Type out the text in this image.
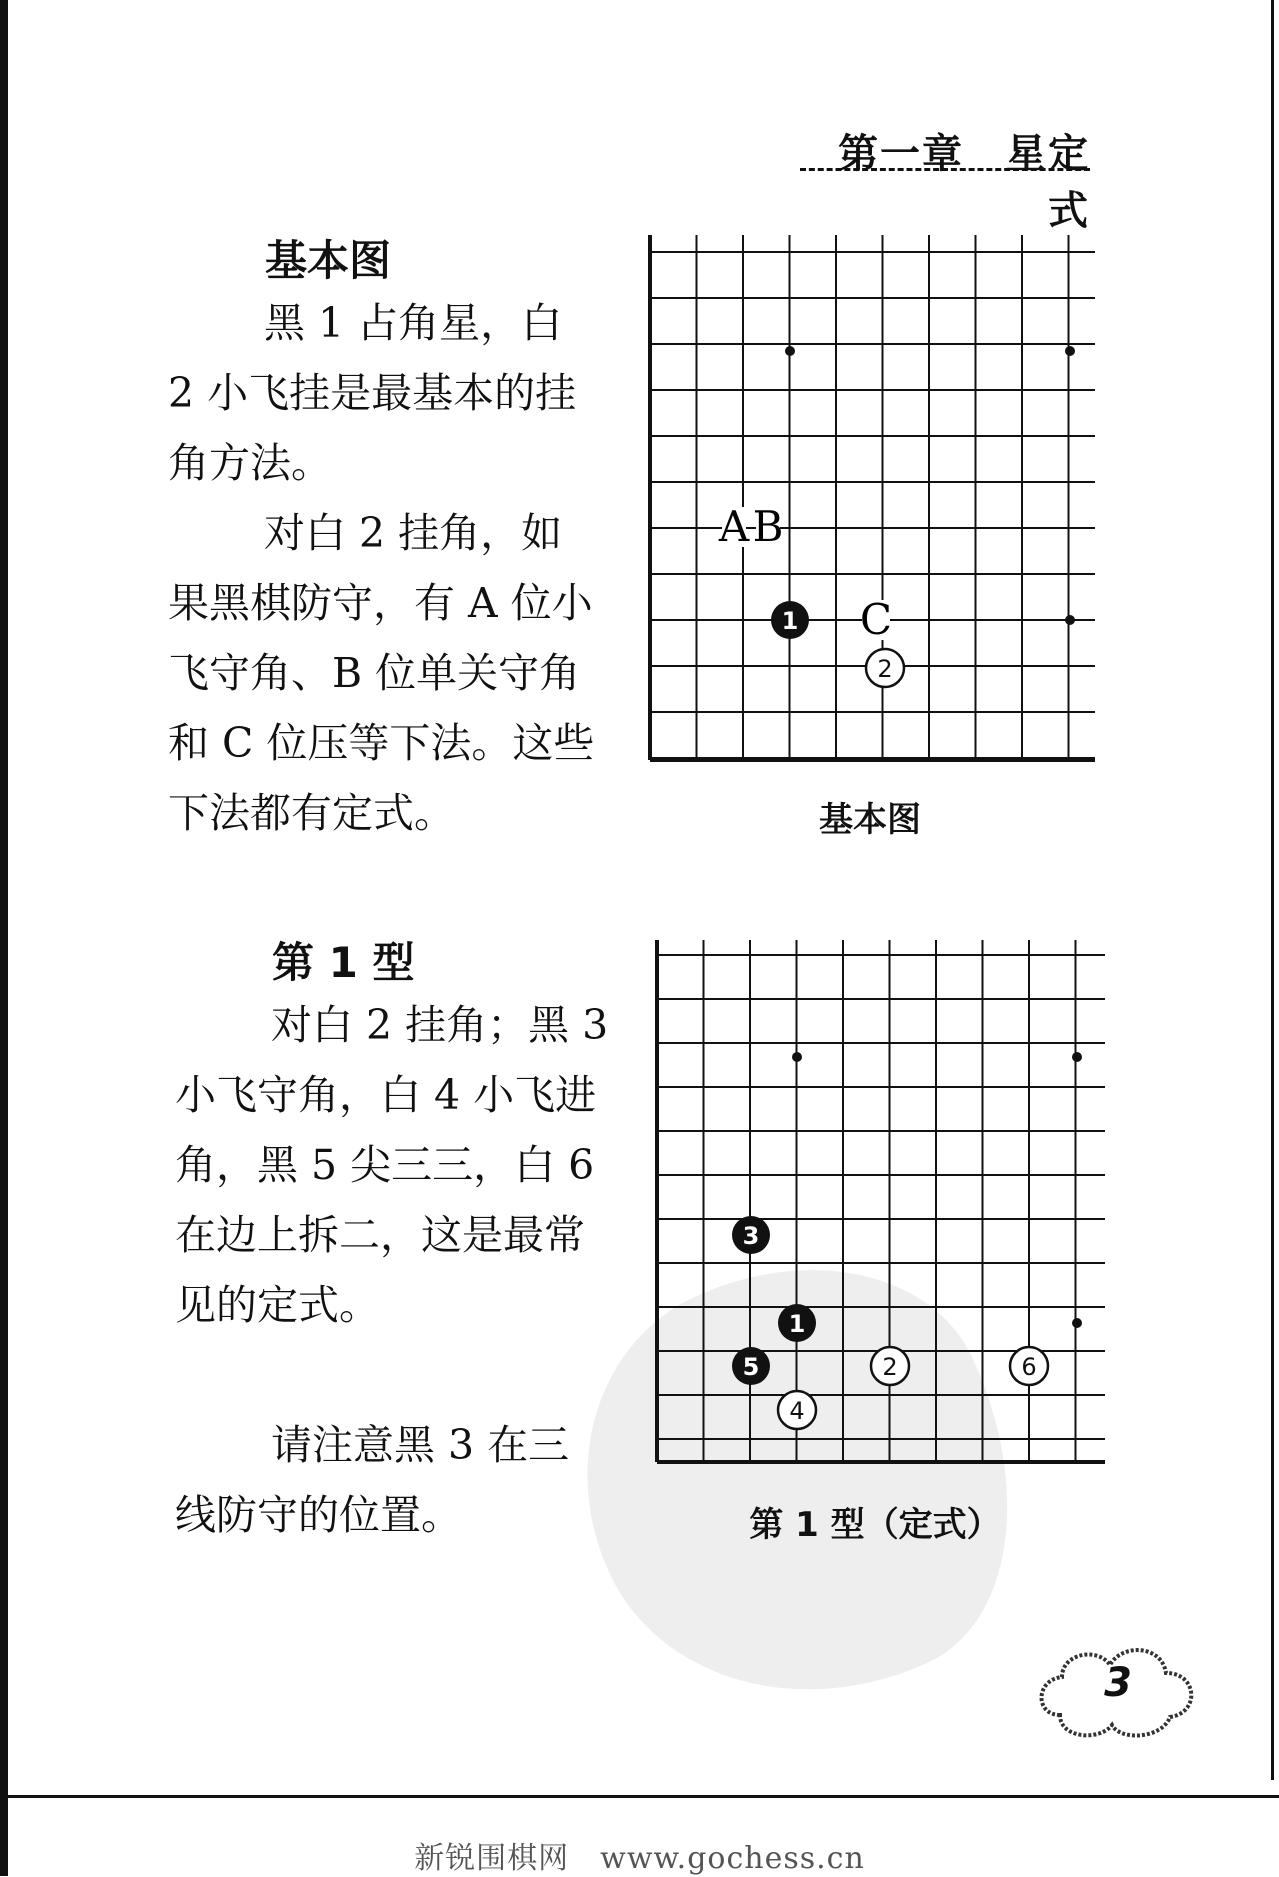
第一章　星定式
基本图

黑 1 占角星，白 2 小飞挂是最基本的挂角方法。

对白 2 挂角，如果黑棋防守，有 A 位小飞守角、B 位单关守角和 C 位压等下法。这些下法都有定式。

A B
C
1
2
基本图
第 1 型

对白 2 挂角；黑 3 小飞守角，白 4 小飞进角，黑 5 尖三三，白 6 在边上拆二，这是最常见的定式。

请注意黑 3 在三线防守的位置。

3
1
5	2	6
4
第 1 型（定式）
3
新锐围棋网　www.gochess.cn
